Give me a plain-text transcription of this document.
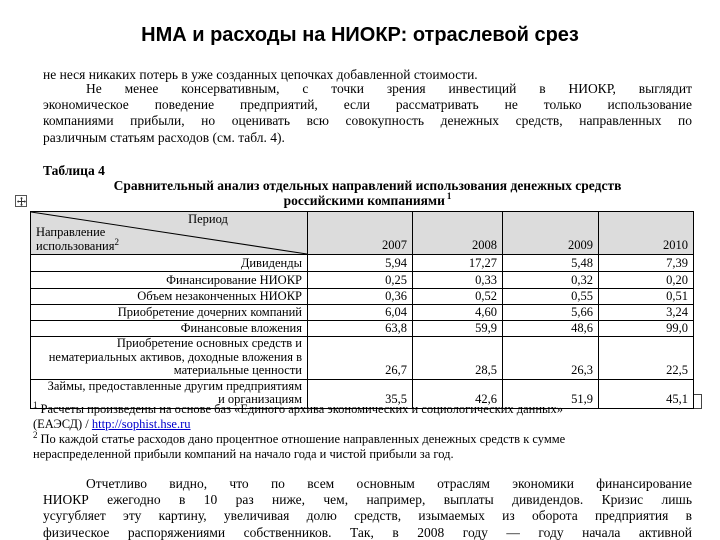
НМА и расходы на НИОКР: отраслевой срез
не неся никаких потерь в уже созданных цепочках добавленной стоимости.
Не менее консервативным, с точки зрения инвестиций в НИОКР, выглядит
экономическое поведение предприятий, если рассматривать не только использование
компаниями прибыли, но оценивать всю совокупность денежных средств, направленных по
различным статьям расходов (см. табл. 4).
Таблица 4
Сравнительный анализ отдельных направлений использования денежных средств
российскими компаниями $^1$
Период
Направление
использования$^2$	2007	2008	2009	2010
Дивиденды	5,94	17,27	5,48	7,39
Финансирование НИОКР	0,25	0,33	0,32	0,20
Объем незаконченных НИОКР	0,36	0,52	0,55	0,51
Приобретение дочерних компаний	6,04	4,60	5,66	3,24
Финансовые вложения	63,8	59,9	48,6	99,0
Приобретение основных средств и нематериальных активов, доходные вложения в материальные ценности	26,7	28,5	26,3	22,5
Займы, предоставленные другим предприятиям и организациям	35,5	42,6	51,9	45,1
$^1$ Расчеты произведены на основе баз «Единого архива экономических и социологических данных»
(ЕАЭСД) / http://sophist.hse.ru
$^2$ По каждой статье расходов дано процентное отношение направленных денежных средств к сумме
нераспределенной прибыли компаний на начало года и чистой прибыли за год.
Отчетливо видно, что по всем основным отраслям экономики финансирование
НИОКР ежегодно в 10 раз ниже, чем, например, выплаты дивидендов. Кризис лишь
усугубляет эту картину, увеличивая долю средств, изымаемых из оборота предприятия в
физическое распоряжениями собственников. Так, в 2008 году — году начала активной
